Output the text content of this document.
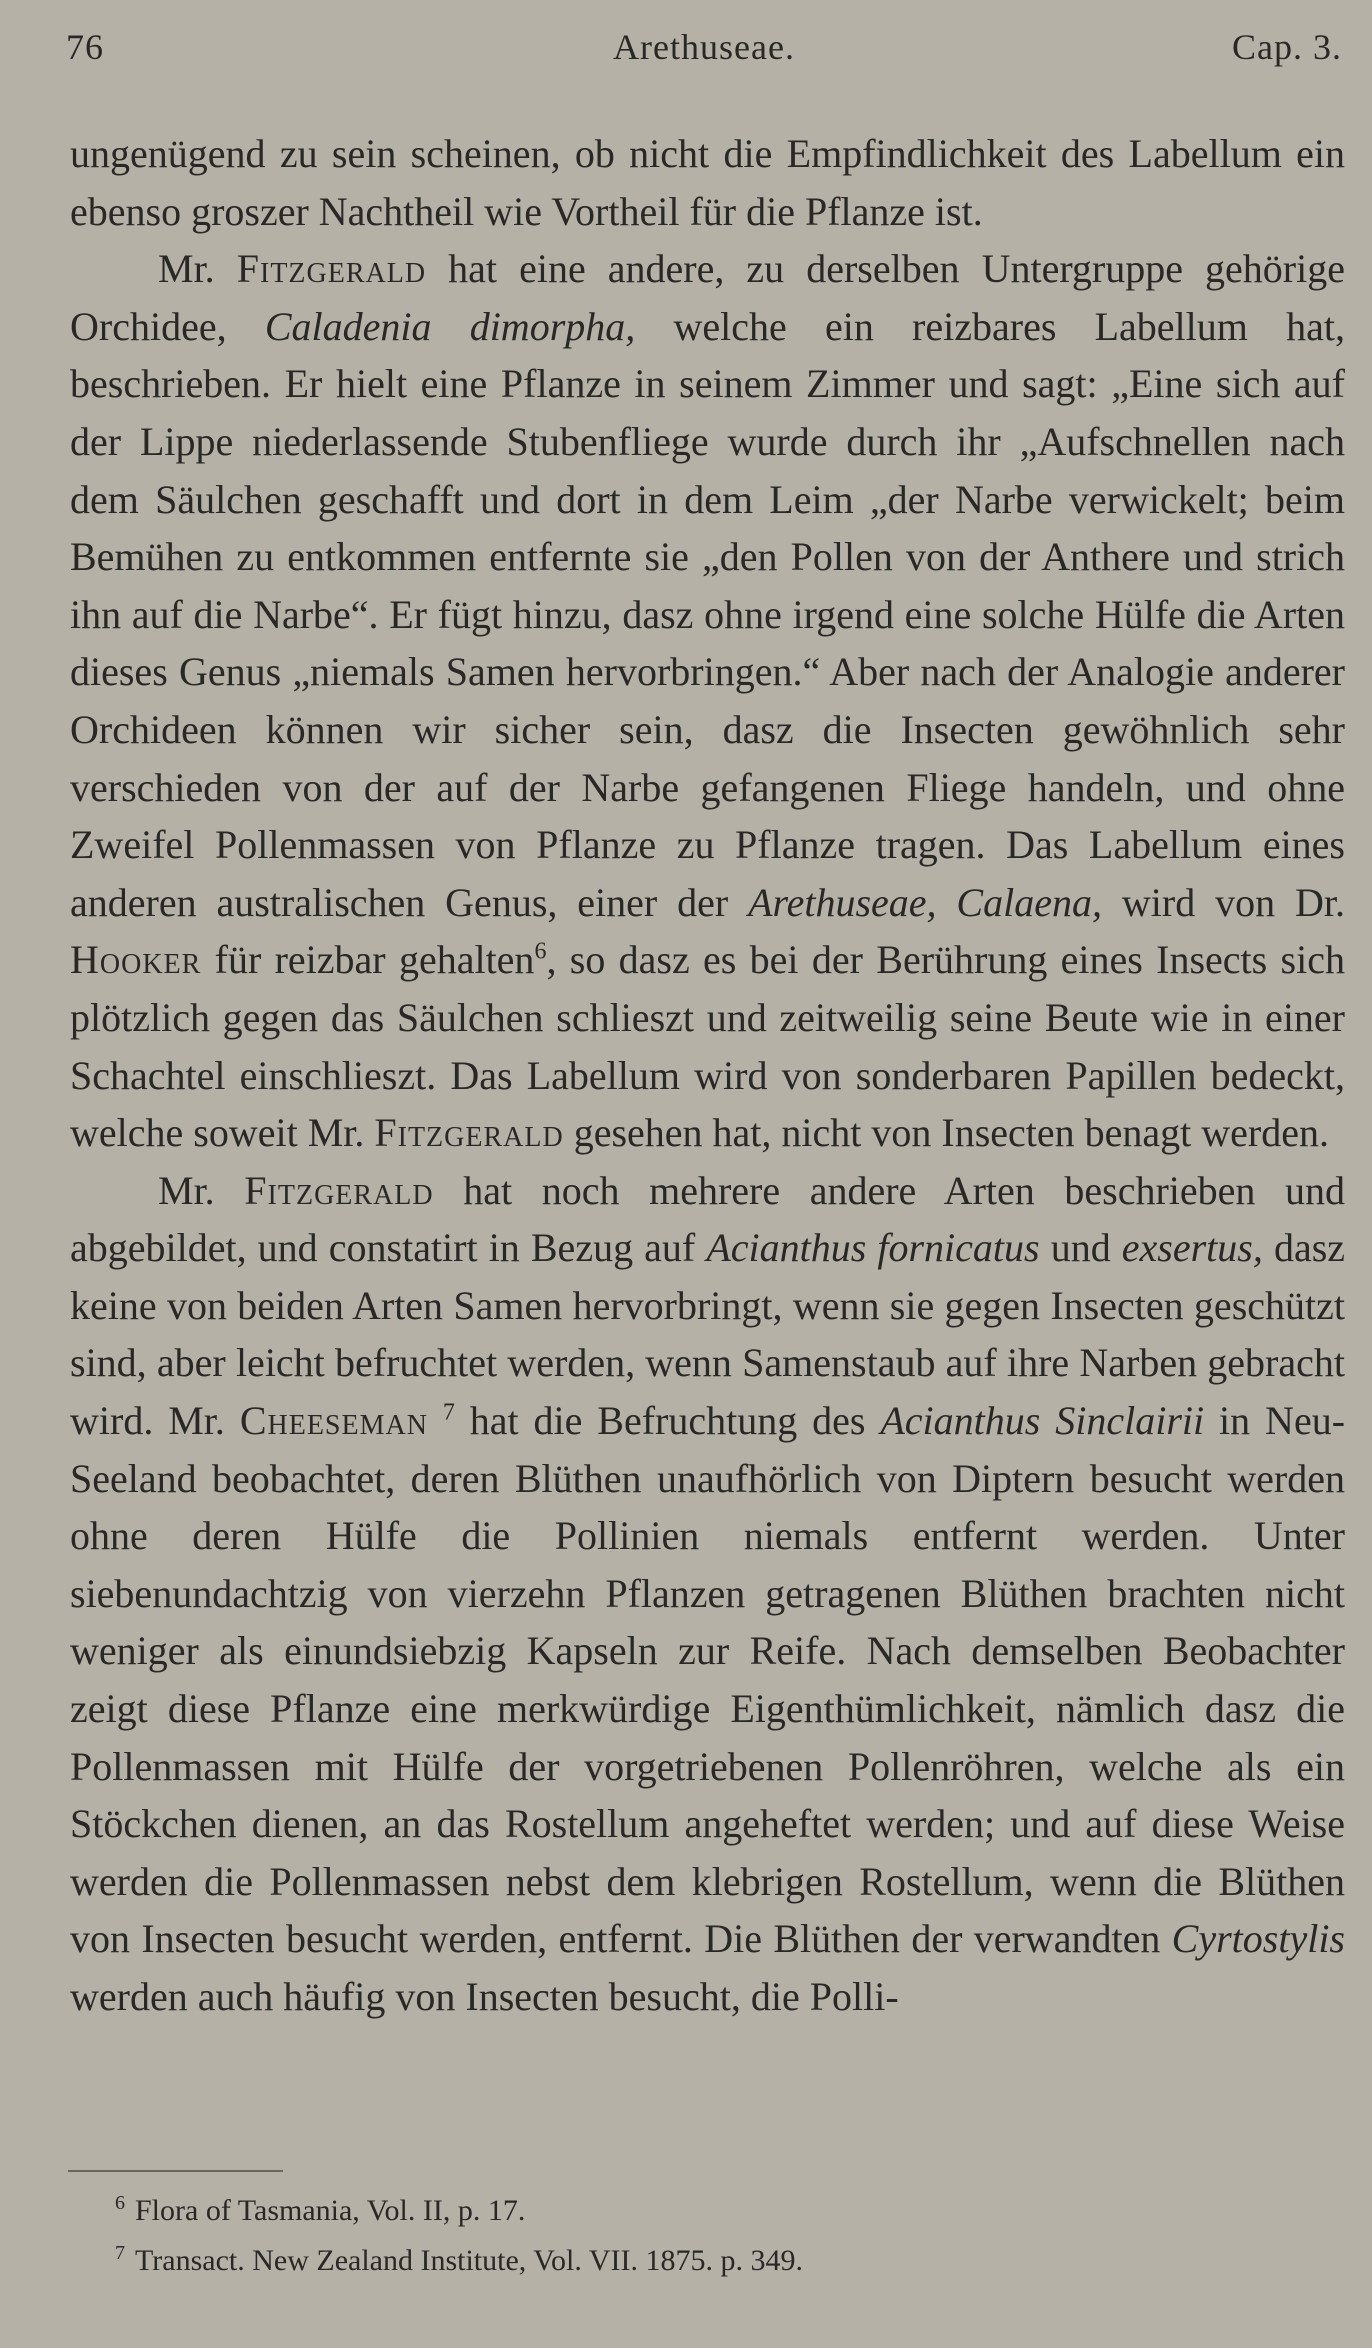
76	Arethuseae.	Cap. 3.

ungenügend zu sein scheinen, ob nicht die Empfindlichkeit des Labellum ein ebenso groszer Nachtheil wie Vortheil für die Pflanze ist.

Mr. Fitzgerald hat eine andere, zu derselben Untergruppe gehörige Orchidee, Caladenia dimorpha, welche ein reizbares Labellum hat, beschrieben. Er hielt eine Pflanze in seinem Zimmer und sagt: „Eine sich auf der Lippe niederlassende Stubenfliege wurde durch ihr „Aufschnellen nach dem Säulchen geschafft und dort in dem Leim „der Narbe verwickelt; beim Bemühen zu entkommen entfernte sie „den Pollen von der Anthere und strich ihn auf die Narbe“. Er fügt hinzu, dasz ohne irgend eine solche Hülfe die Arten dieses Genus „niemals Samen hervorbringen.“ Aber nach der Analogie anderer Orchideen können wir sicher sein, dasz die Insecten gewöhnlich sehr verschieden von der auf der Narbe gefangenen Fliege handeln, und ohne Zweifel Pollenmassen von Pflanze zu Pflanze tragen. Das Labellum eines anderen australischen Genus, einer der Arethuseae, Calaena, wird von Dr. Hooker für reizbar gehalten$^6$, so dasz es bei der Berührung eines Insects sich plötzlich gegen das Säulchen schlieszt und zeitweilig seine Beute wie in einer Schachtel einschlieszt. Das Labellum wird von sonderbaren Papillen bedeckt, welche soweit Mr. Fitzgerald gesehen hat, nicht von Insecten benagt werden.

Mr. Fitzgerald hat noch mehrere andere Arten beschrieben und abgebildet, und constatirt in Bezug auf Acianthus fornicatus und exsertus, dasz keine von beiden Arten Samen hervorbringt, wenn sie gegen Insecten geschützt sind, aber leicht befruchtet werden, wenn Samenstaub auf ihre Narben gebracht wird. Mr. Cheeseman $^7$ hat die Befruchtung des Acianthus Sinclairii in Neu-Seeland beobachtet, deren Blüthen unaufhörlich von Diptern besucht werden ohne deren Hülfe die Pollinien niemals entfernt werden. Unter siebenundachtzig von vierzehn Pflanzen getragenen Blüthen brachten nicht weniger als einundsiebzig Kapseln zur Reife. Nach demselben Beobachter zeigt diese Pflanze eine merkwürdige Eigenthümlichkeit, nämlich dasz die Pollenmassen mit Hülfe der vorgetriebenen Pollenröhren, welche als ein Stöckchen dienen, an das Rostellum angeheftet werden; und auf diese Weise werden die Pollenmassen nebst dem klebrigen Rostellum, wenn die Blüthen von Insecten besucht werden, entfernt. Die Blüthen der verwandten Cyrtostylis werden auch häufig von Insecten besucht, die Polli-

$^6$ Flora of Tasmania, Vol. II, p. 17.
$^7$ Transact. New Zealand Institute, Vol. VII. 1875. p. 349.
